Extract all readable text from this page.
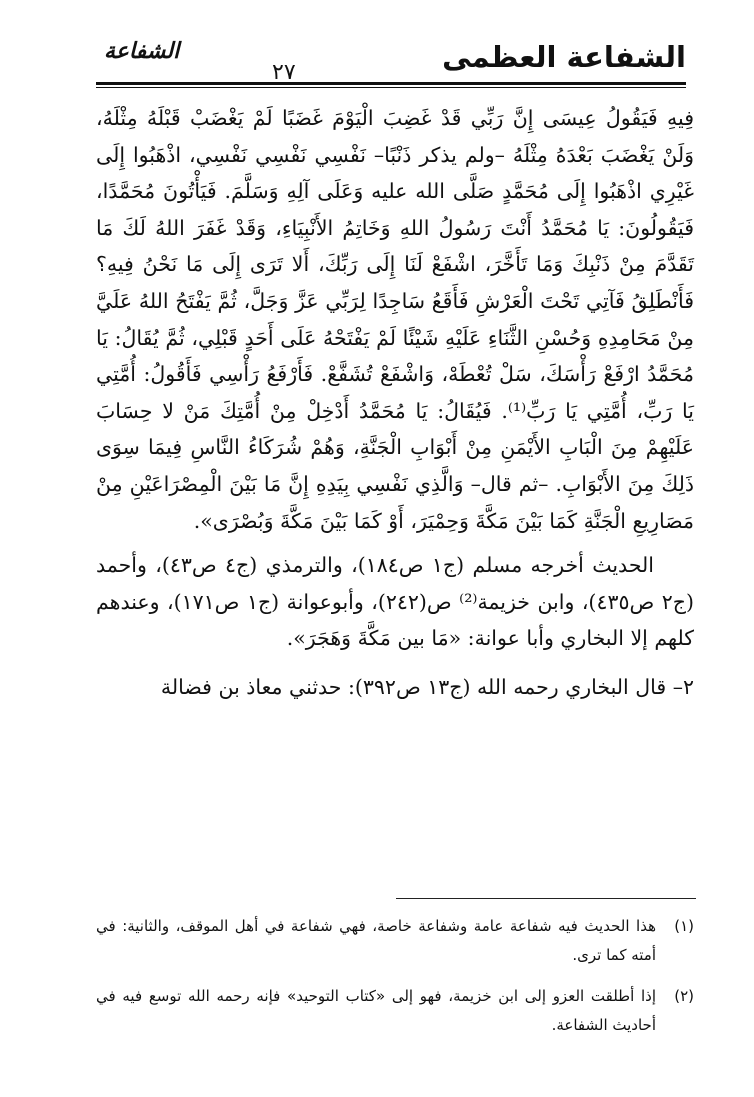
الشفاعة العظمى
الشفاعة
٢٧

فِيهِ فَيَقُولُ عِيسَى إِنَّ رَبِّي قَدْ غَضِبَ الْيَوْمَ غَضَبًا لَمْ يَغْضَبْ قَبْلَهُ مِثْلَهُ، وَلَنْ يَغْضَبَ بَعْدَهُ مِثْلَهُ –ولم يذكر ذَنْبًا– نَفْسِي نَفْسِي نَفْسِي، اذْهَبُوا إِلَى غَيْرِي اذْهَبُوا إِلَى مُحَمَّدٍ صَلَّى الله عليه وَعَلَى آلِهِ وَسَلَّمَ. فَيَأْتُونَ مُحَمَّدًا، فَيَقُولُونَ: يَا مُحَمَّدُ أَنْتَ رَسُولُ اللهِ وَخَاتِمُ الأَنْبِيَاءِ، وَقَدْ غَفَرَ اللهُ لَكَ مَا تَقَدَّمَ مِنْ ذَنْبِكَ وَمَا تَأَخَّرَ، اشْفَعْ لَنَا إِلَى رَبِّكَ، أَلا تَرَى إِلَى مَا نَحْنُ فِيهِ؟ فَأَنْطَلِقُ فَآتِي تَحْتَ الْعَرْشِ فَأَقَعُ سَاجِدًا لِرَبِّي عَزَّ وَجَلَّ، ثُمَّ يَفْتَحُ اللهُ عَلَيَّ مِنْ مَحَامِدِهِ وَحُسْنِ الثَّنَاءِ عَلَيْهِ شَيْئًا لَمْ يَفْتَحْهُ عَلَى أَحَدٍ قَبْلِي، ثُمَّ يُقَالُ: يَا مُحَمَّدُ ارْفَعْ رَأْسَكَ، سَلْ تُعْطَهْ، وَاشْفَعْ تُشَفَّعْ. فَأَرْفَعُ رَأْسِي فَأَقُولُ: أُمَّتِي يَا رَبِّ، أُمَّتِي يَا رَبِّ⁽¹⁾. فَيُقَالُ: يَا مُحَمَّدُ أَدْخِلْ مِنْ أُمَّتِكَ مَنْ لا حِسَابَ عَلَيْهِمْ مِنَ الْبَابِ الأَيْمَنِ مِنْ أَبْوَابِ الْجَنَّةِ، وَهُمْ شُرَكَاءُ النَّاسِ فِيمَا سِوَى ذَلِكَ مِنَ الأَبْوَابِ. –ثم قال– وَالَّذِي نَفْسِي بِيَدِهِ إِنَّ مَا بَيْنَ الْمِصْرَاعَيْنِ مِنْ مَصَارِيعِ الْجَنَّةِ كَمَا بَيْنَ مَكَّةَ وَحِمْيَرَ، أَوْ كَمَا بَيْنَ مَكَّةَ وَبُصْرَى».

الحديث أخرجه مسلم (ج١ ص١٨٤)، والترمذي (ج٤ ص٤٣)، وأحمد (ج٢ ص٤٣٥)، وابن خزيمة⁽²⁾ ص(٢٤٢)، وأبوعوانة (ج١ ص١٧١)، وعندهم كلهم إلا البخاري وأبا عوانة: «مَا بين مَكَّةَ وَهَجَرَ».

٢– قال البخاري رحمه الله (ج١٣ ص٣٩٢): حدثني معاذ بن فضالة

(١)
هذا الحديث فيه شفاعة عامة وشفاعة خاصة، فهي شفاعة في أهل الموقف، والثانية: في أمته كما ترى.
(٢)
إذا أطلقت العزو إلى ابن خزيمة، فهو إلى «كتاب التوحيد» فإنه رحمه الله توسع فيه في أحاديث الشفاعة.
